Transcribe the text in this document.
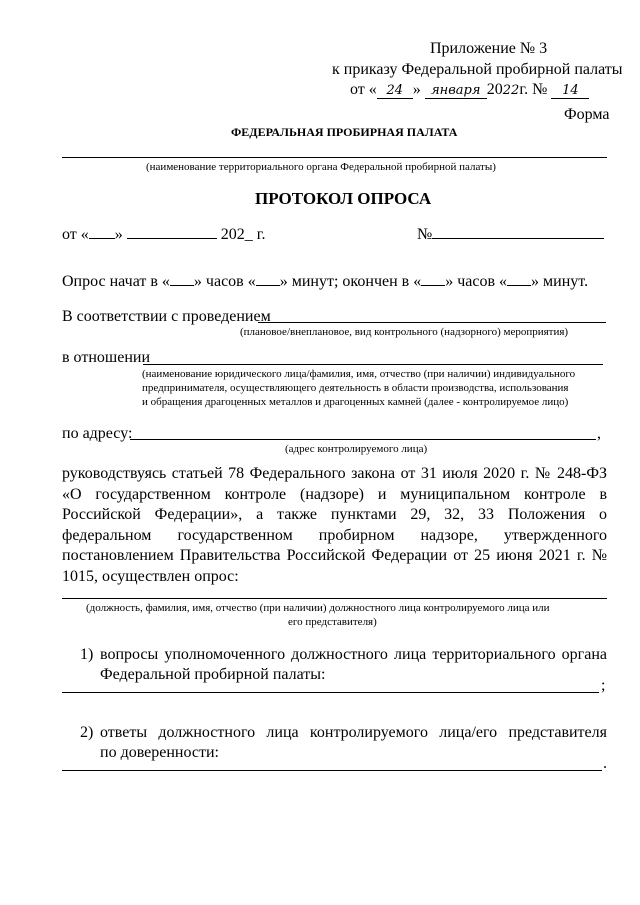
Приложение № 3
к приказу Федеральной пробирной палаты
от « 24 » января 2022г. № 14
Форма
ФЕДЕРАЛЬНАЯ ПРОБИРНАЯ ПАЛАТА
(наименование территориального органа Федеральной пробирной палаты)
ПРОТОКОЛ ОПРОСА
от « »	202_ г.	№
Опрос начат в « » часов « » минут; окончен в « » часов « » минут.
В соответствии с проведением
(плановое/внеплановое, вид контрольного (надзорного) мероприятия)
в отношении
(наименование юридического лица/фамилия, имя, отчество (при наличии) индивидуального
предпринимателя, осуществляющего деятельность в области производства, использования
и обращения драгоценных металлов и драгоценных камней (далее - контролируемое лицо)
по адресу:	,
(адрес контролируемого лица)
руководствуясь статьей 78 Федерального закона от 31 июля 2020 г. № 248-ФЗ «О государственном контроле (надзоре) и муниципальном контроле в Российской Федерации», а также пунктами 29, 32, 33 Положения о федеральном государственном пробирном надзоре, утвержденного постановлением Правительства Российской Федерации от 25 июня 2021 г. № 1015, осуществлен опрос:
(должность, фамилия, имя, отчество (при наличии) должностного лица контролируемого лица или
его представителя)
1) вопросы уполномоченного должностного лица территориального органа
Федеральной пробирной палаты:
;
2) ответы должностного лица контролируемого лица/его представителя
по доверенности:
.
